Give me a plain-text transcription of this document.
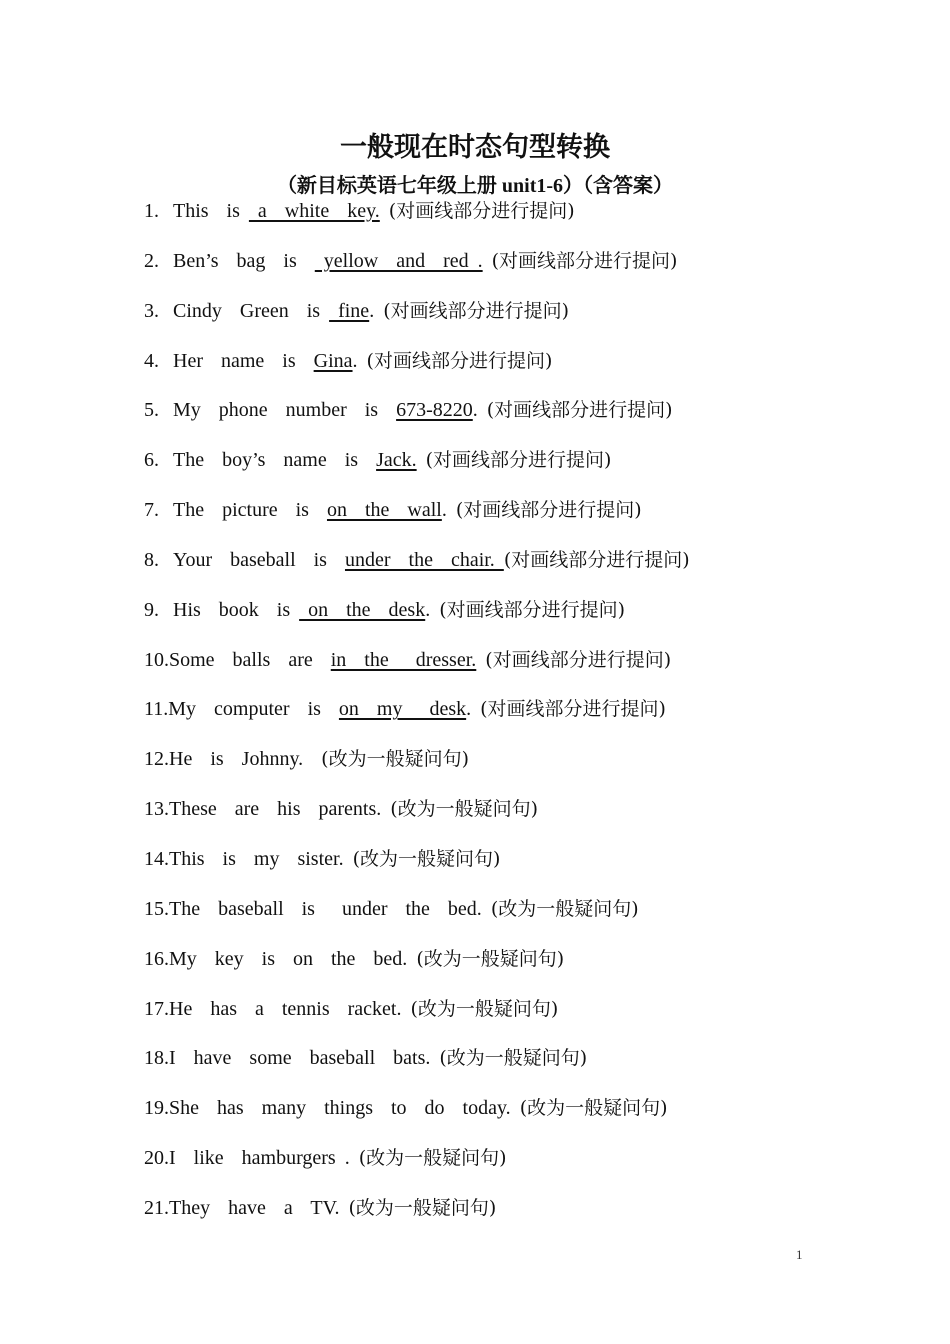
一般现在时态句型转换
（新目标英语七年级上册 unit1-6）（含答案）
1. This  is  a  white  key. (对画线部分进行提问)
2. Ben’s  bag  is   yellow  and  red . (对画线部分进行提问)
3. Cindy  Green  is  fine. (对画线部分进行提问)
4. Her  name  is  Gina. (对画线部分进行提问)
5. My  phone  number  is  673-8220. (对画线部分进行提问)
6. The  boy’s  name  is  Jack. (对画线部分进行提问)
7. The  picture  is  on  the  wall. (对画线部分进行提问)
8. Your  baseball  is  under  the  chair. (对画线部分进行提问)
9. His  book  is  on  the  desk. (对画线部分进行提问)
10.Some  balls  are  in  the   dresser. (对画线部分进行提问)
11.My  computer  is  on  my   desk. (对画线部分进行提问)
12.He  is  Johnny.  (改为一般疑问句)
13.These  are  his  parents. (改为一般疑问句)
14.This  is  my  sister. (改为一般疑问句)
15.The  baseball  is   under  the  bed. (改为一般疑问句)
16.My  key  is  on  the  bed. (改为一般疑问句)
17.He  has  a  tennis  racket. (改为一般疑问句)
18.I  have  some  baseball  bats. (改为一般疑问句)
19.She  has  many  things  to  do  today. (改为一般疑问句)
20.I  like  hamburgers . (改为一般疑问句)
21.They  have  a  TV. (改为一般疑问句)
1
